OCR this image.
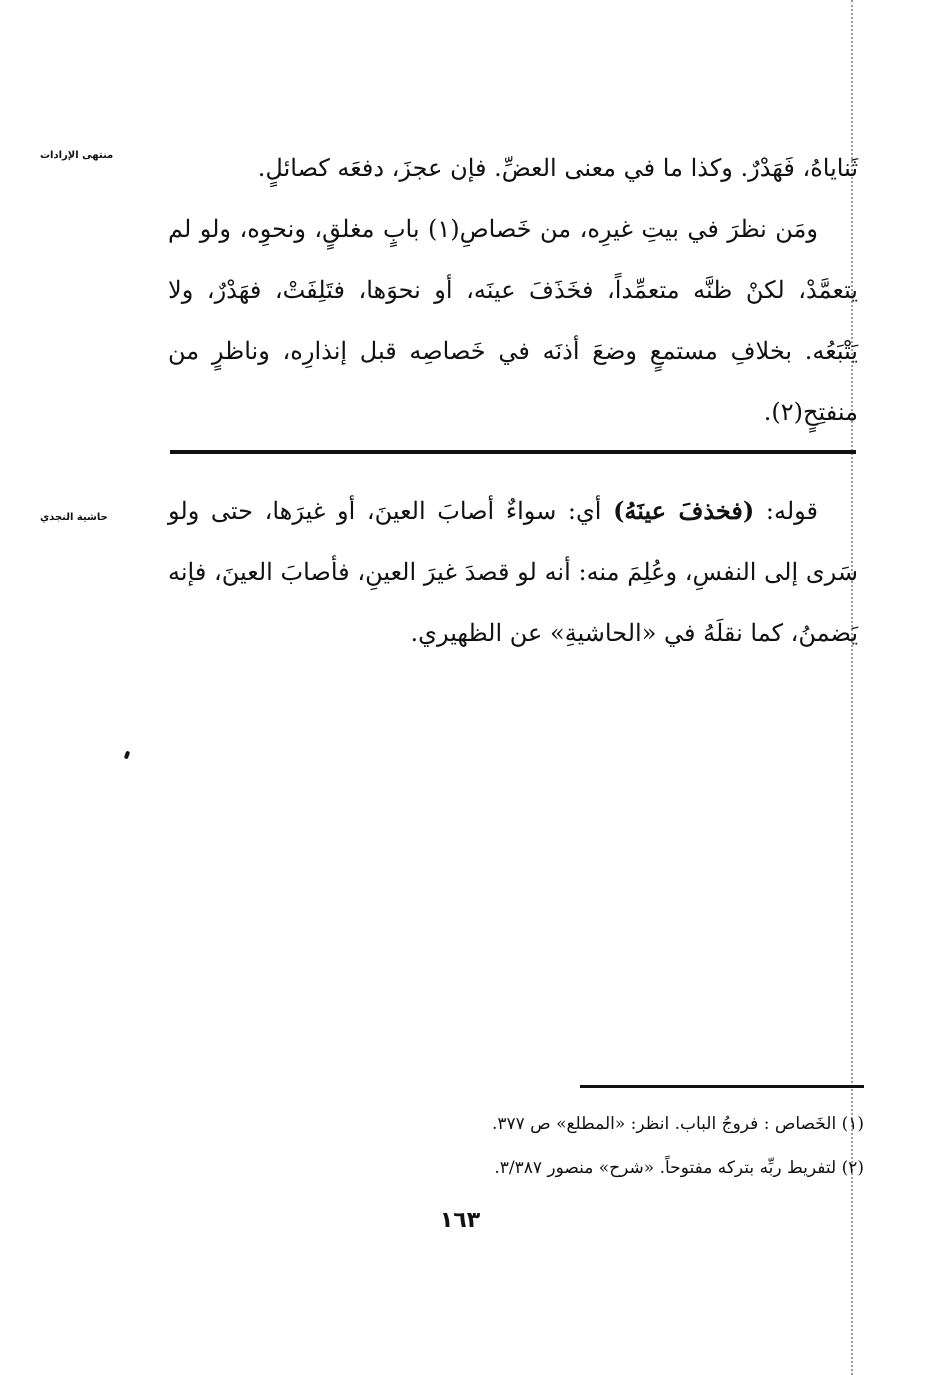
منتهى الإرادات
حاشية النجدي

ثَناياهُ، فَهَدْرٌ. وكذا ما في معنى العضِّ. فإن عجزَ، دفعَه كصائلٍ.

ومَن نظرَ في بيتِ غيرِه، من خَصاصِ(١) بابٍ مغلقٍ، ونحوِه، ولو لم يتعمَّدْ، لكنْ ظنَّه متعمِّداً، فخَذَفَ عينَه، أو نحوَها، فتَلِفَتْ، فهَدْرٌ، ولا يَتْبَعُه. بخلافِ مستمعٍ وضعَ أذنَه في خَصاصِه قبل إنذارِه، وناظرٍ من منفتِحٍ(٢).

قوله: (فخذفَ عينَهُ) أي: سواءٌ أصابَ العينَ، أو غيرَها، حتى ولو سَرى إلى النفسِ، وعُلِمَ منه: أنه لو قصدَ غيرَ العينِ، فأصابَ العينَ، فإنه يَضمنُ، كما نقلَهُ في «الحاشيةِ» عن الظهيري.

(١) الخَصاص : فروجُ الباب. انظر: «المطلع» ص ٣٧٧.

(٢) لتفريط ربِّه بتركه مفتوحاً. «شرح» منصور ٣/٣٨٧.

١٦٣
